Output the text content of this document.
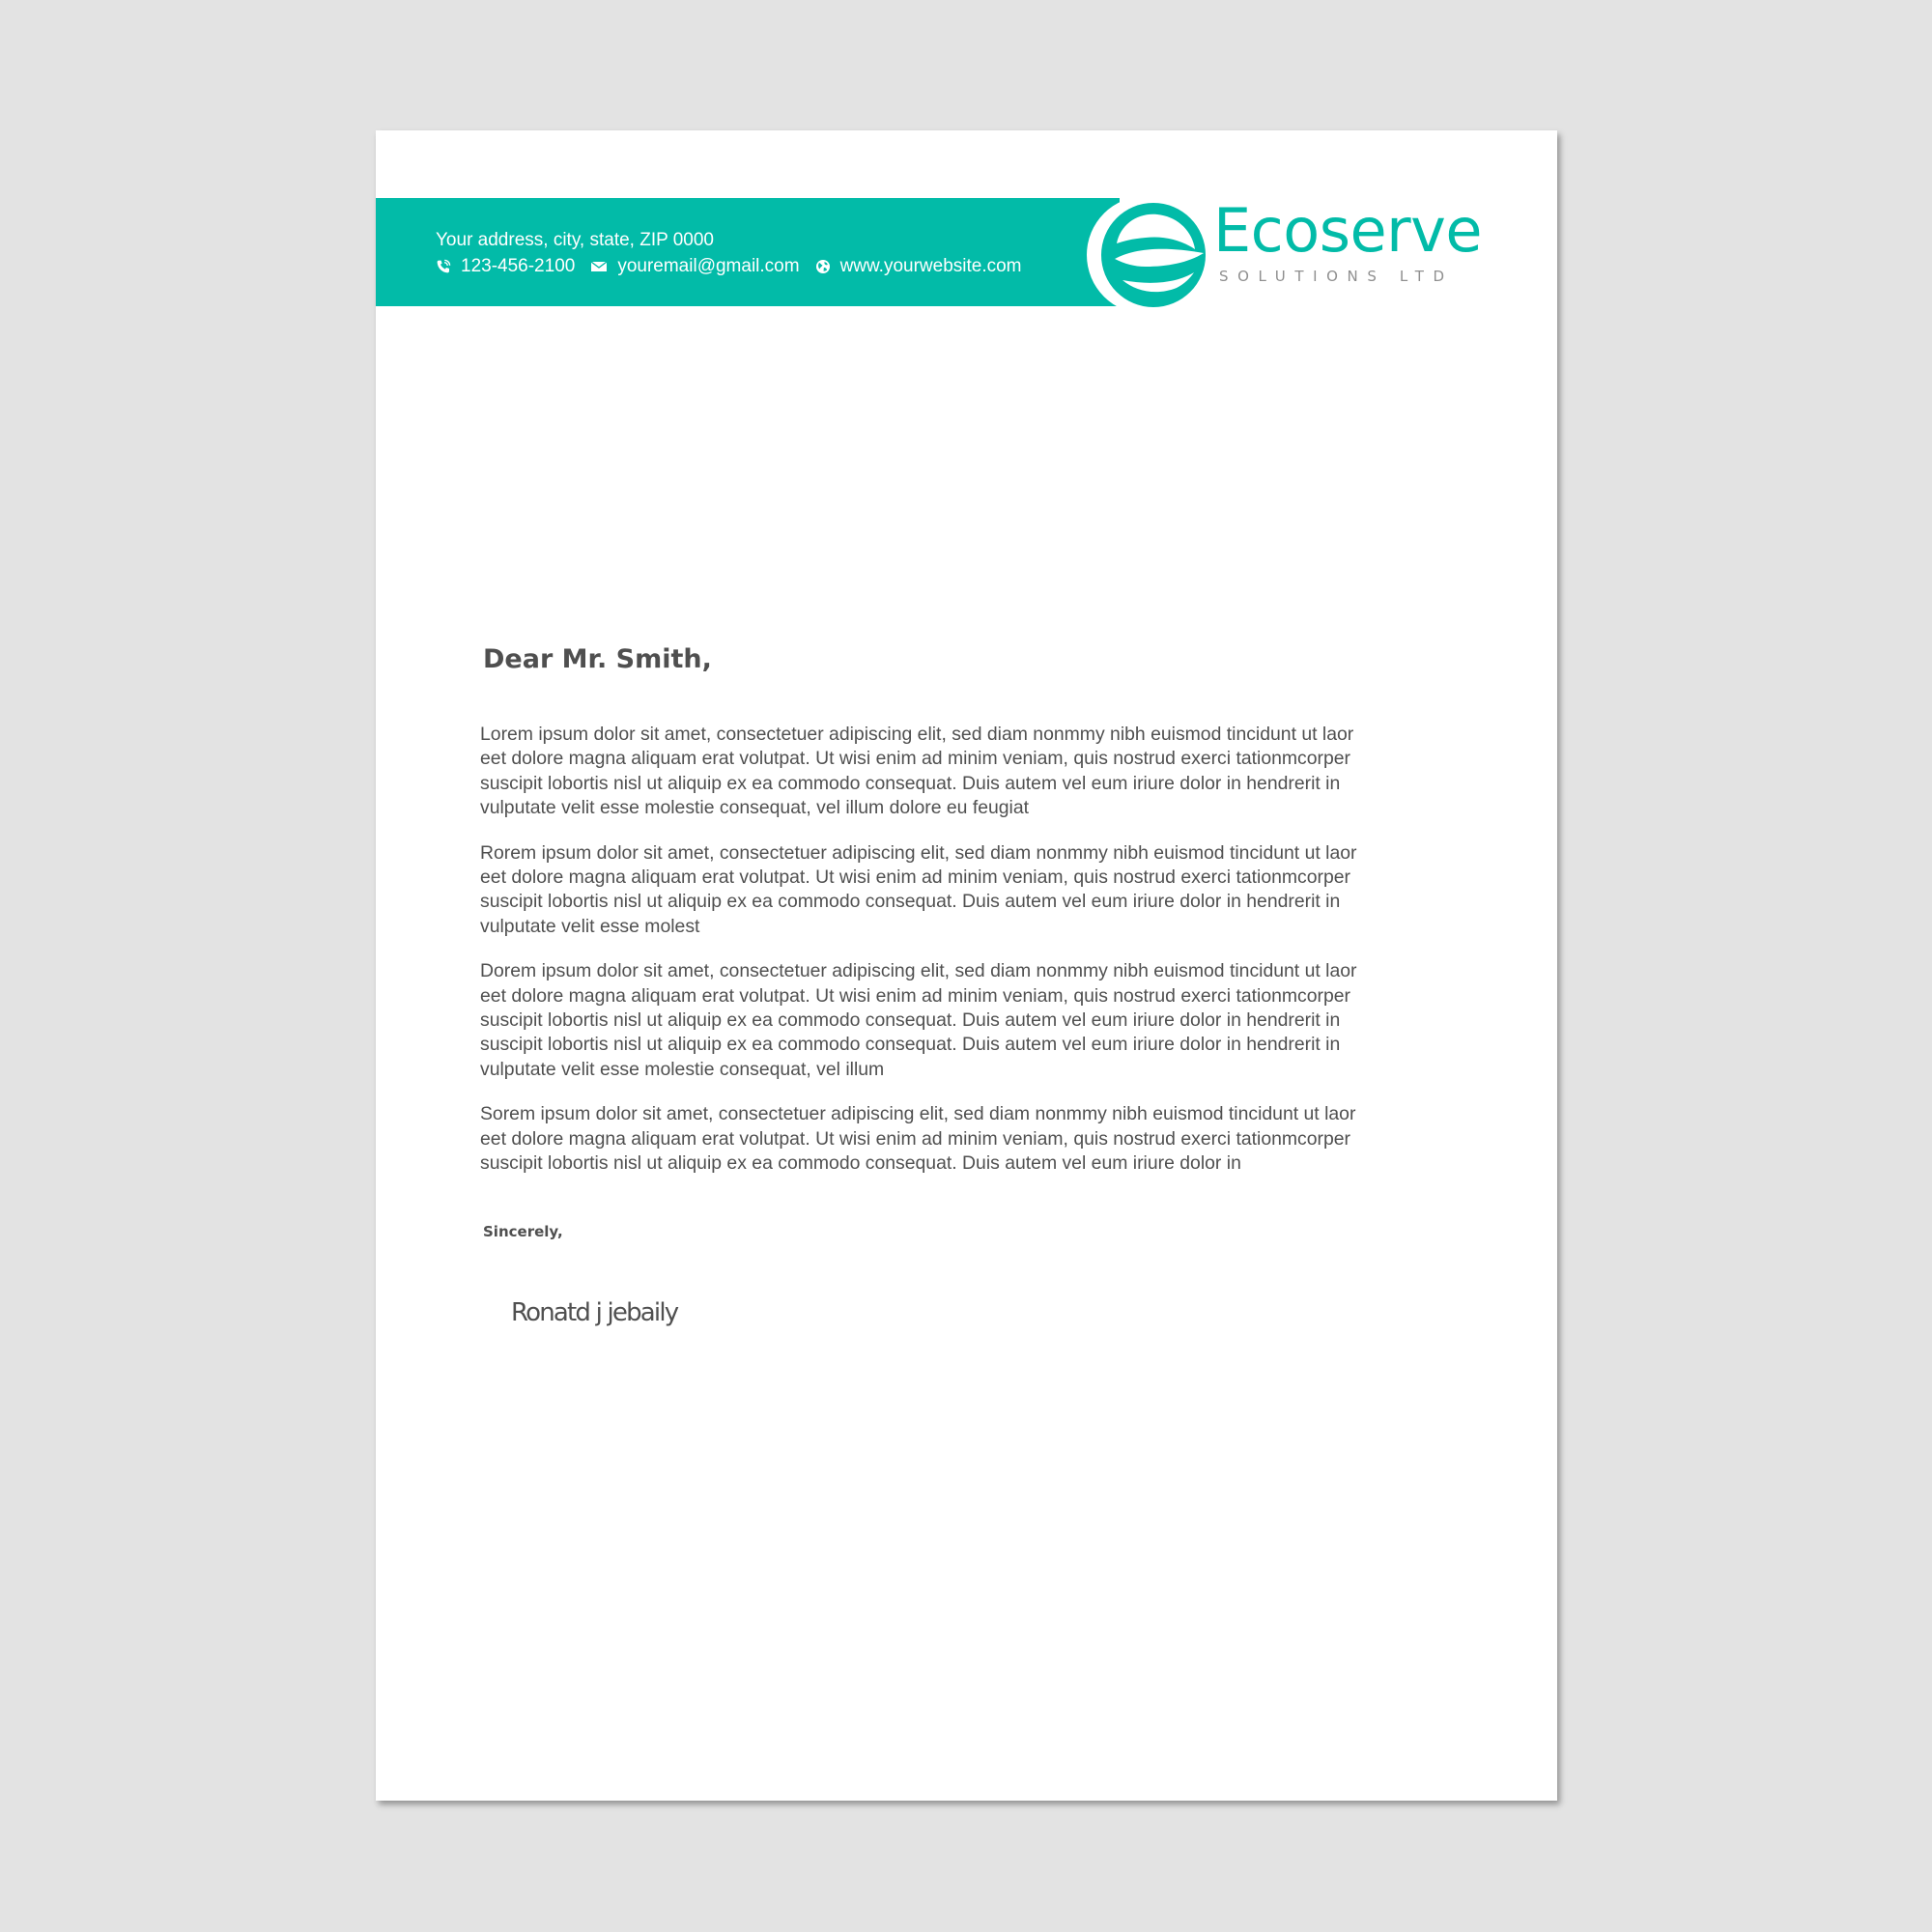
Your address, city, state, ZIP 0000
123-456-2100 youremail@gmail.com www.yourwebsite.com
Ecoserve
SOLUTIONS LTD
Dear Mr. Smith,

Lorem ipsum dolor sit amet, consectetuer adipiscing elit, sed diam nonmmy nibh euismod tincidunt ut laor
eet dolore magna aliquam erat volutpat. Ut wisi enim ad minim veniam, quis nostrud exerci tationmcorper
suscipit lobortis nisl ut aliquip ex ea commodo consequat. Duis autem vel eum iriure dolor in hendrerit in
vulputate velit esse molestie consequat, vel illum dolore eu feugiat

Rorem ipsum dolor sit amet, consectetuer adipiscing elit, sed diam nonmmy nibh euismod tincidunt ut laor
eet dolore magna aliquam erat volutpat. Ut wisi enim ad minim veniam, quis nostrud exerci tationmcorper
suscipit lobortis nisl ut aliquip ex ea commodo consequat. Duis autem vel eum iriure dolor in hendrerit in
vulputate velit esse molest

Dorem ipsum dolor sit amet, consectetuer adipiscing elit, sed diam nonmmy nibh euismod tincidunt ut laor
eet dolore magna aliquam erat volutpat. Ut wisi enim ad minim veniam, quis nostrud exerci tationmcorper
suscipit lobortis nisl ut aliquip ex ea commodo consequat. Duis autem vel eum iriure dolor in hendrerit in
suscipit lobortis nisl ut aliquip ex ea commodo consequat. Duis autem vel eum iriure dolor in hendrerit in
vulputate velit esse molestie consequat, vel illum

Sorem ipsum dolor sit amet, consectetuer adipiscing elit, sed diam nonmmy nibh euismod tincidunt ut laor
eet dolore magna aliquam erat volutpat. Ut wisi enim ad minim veniam, quis nostrud exerci tationmcorper
suscipit lobortis nisl ut aliquip ex ea commodo consequat. Duis autem vel eum iriure dolor in

Sincerely,
Ronatd j jebaily
